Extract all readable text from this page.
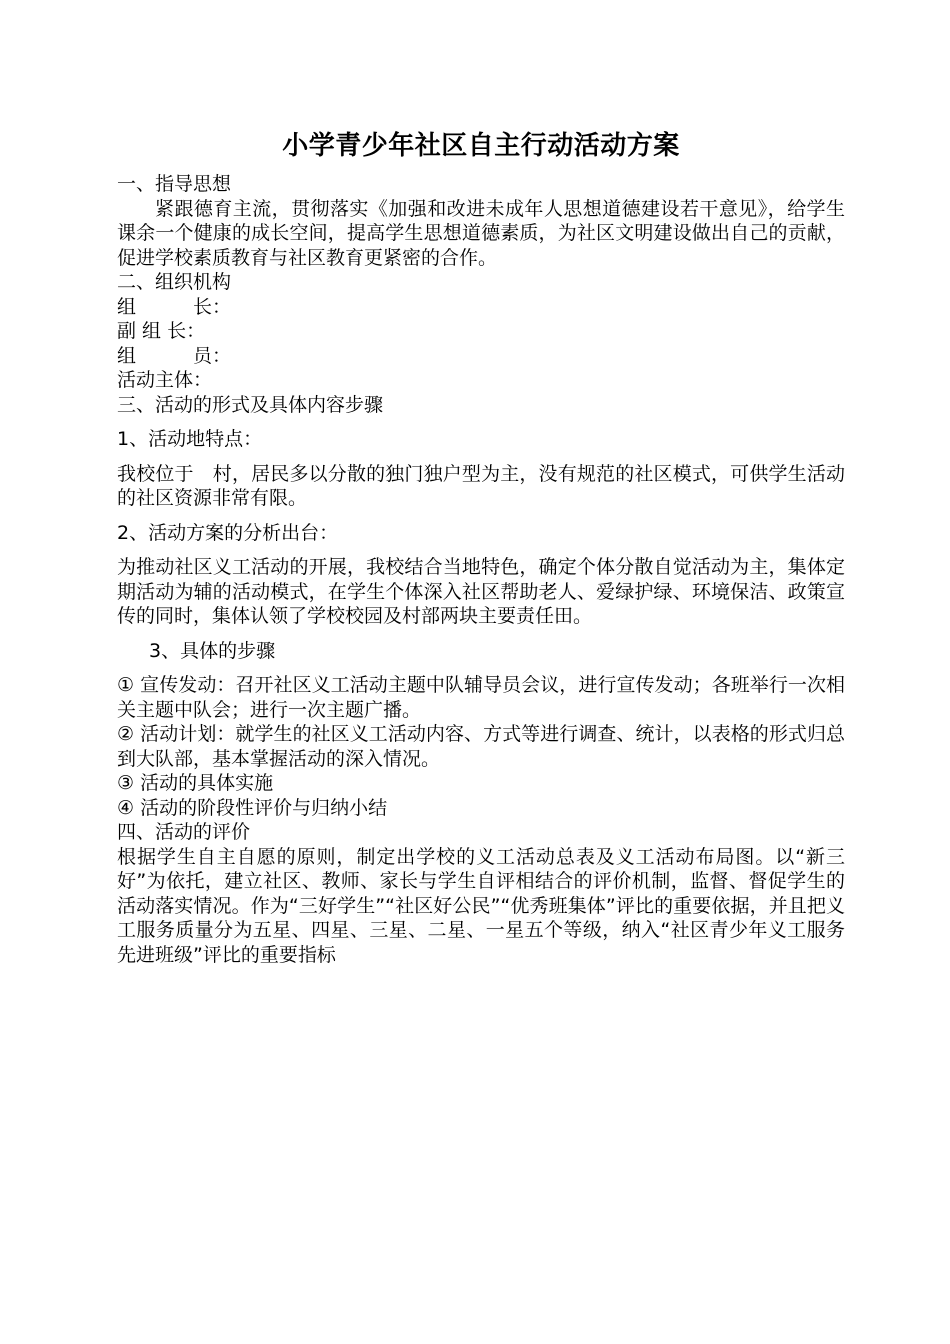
小学青少年社区自主行动活动方案

一、指导思想

紧跟德育主流，贯彻落实《加强和改进未成年人思想道德建设若干意见》，给学生课余一个健康的成长空间，提高学生思想道德素质，为社区文明建设做出自己的贡献，促进学校素质教育与社区教育更紧密的合作。

二、组织机构

组　　　长：

副 组 长：

组　　　员：

活动主体：

三、活动的形式及具体内容步骤

1、活动地特点：

我校位于　村，居民多以分散的独门独户型为主，没有规范的社区模式，可供学生活动的社区资源非常有限。

2、活动方案的分析出台：

为推动社区义工活动的开展，我校结合当地特色，确定个体分散自觉活动为主，集体定期活动为辅的活动模式，在学生个体深入社区帮助老人、爱绿护绿、环境保洁、政策宣传的同时，集体认领了学校校园及村部两块主要责任田。

3、具体的步骤

① 宣传发动：召开社区义工活动主题中队辅导员会议，进行宣传发动；各班举行一次相关主题中队会；进行一次主题广播。

② 活动计划：就学生的社区义工活动内容、方式等进行调查、统计，以表格的形式归总到大队部，基本掌握活动的深入情况。

③ 活动的具体实施

④ 活动的阶段性评价与归纳小结

四、活动的评价

根据学生自主自愿的原则，制定出学校的义工活动总表及义工活动布局图。以“新三好”为依托，建立社区、教师、家长与学生自评相结合的评价机制，监督、督促学生的活动落实情况。作为“三好学生”“社区好公民”“优秀班集体”评比的重要依据，并且把义工服务质量分为五星、四星、三星、二星、一星五个等级，纳入“社区青少年义工服务先进班级”评比的重要指标
